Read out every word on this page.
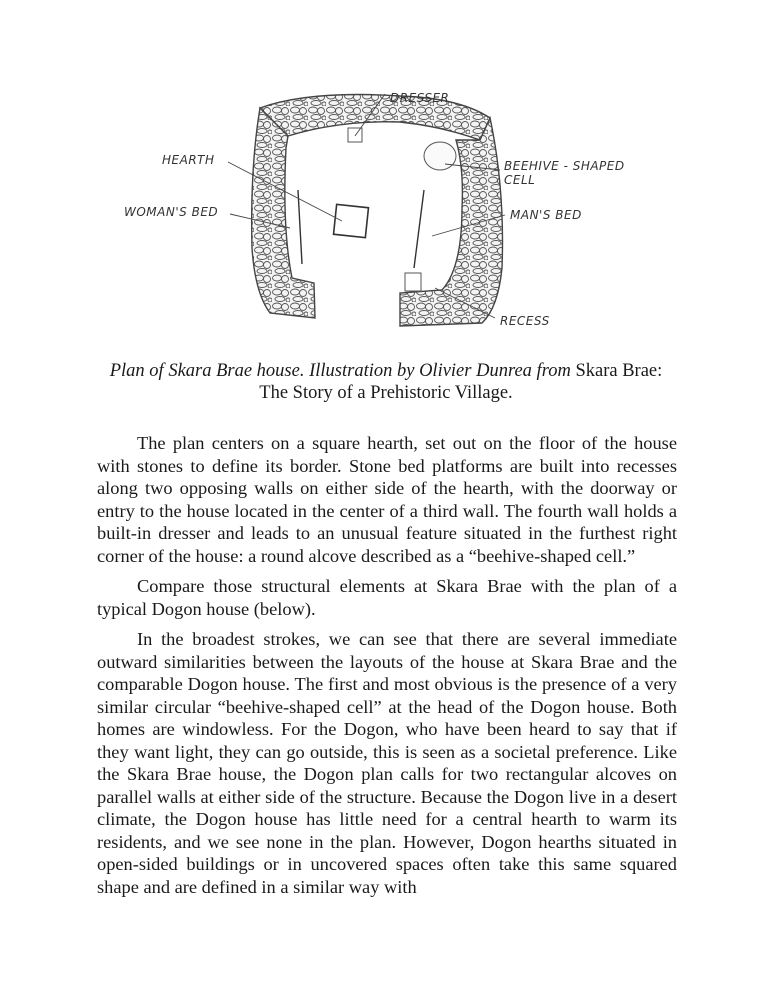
DRESSER
HEARTH	BEEHIVE - SHAPED
CELL
WOMAN'S BED	MAN'S BED
RECESS

Plan of Skara Brae house. Illustration by Olivier Dunrea from Skara Brae: The Story of a Prehistoric Village.

The plan centers on a square hearth, set out on the floor of the house with stones to define its border. Stone bed platforms are built into recesses along two opposing walls on either side of the hearth, with the doorway or entry to the house located in the center of a third wall. The fourth wall holds a built-in dresser and leads to an unusual feature situated in the furthest right corner of the house: a round alcove described as a “beehive-shaped cell.”

Compare those structural elements at Skara Brae with the plan of a typical Dogon house (below).

In the broadest strokes, we can see that there are several immediate outward similarities between the layouts of the house at Skara Brae and the comparable Dogon house. The first and most obvious is the presence of a very similar circular “beehive-shaped cell” at the head of the Dogon house. Both homes are windowless. For the Dogon, who have been heard to say that if they want light, they can go outside, this is seen as a societal preference. Like the Skara Brae house, the Dogon plan calls for two rectangular alcoves on parallel walls at either side of the structure. Because the Dogon live in a desert climate, the Dogon house has little need for a central hearth to warm its residents, and we see none in the plan. However, Dogon hearths situated in open-sided buildings or in uncovered spaces often take this same squared shape and are defined in a similar way with
